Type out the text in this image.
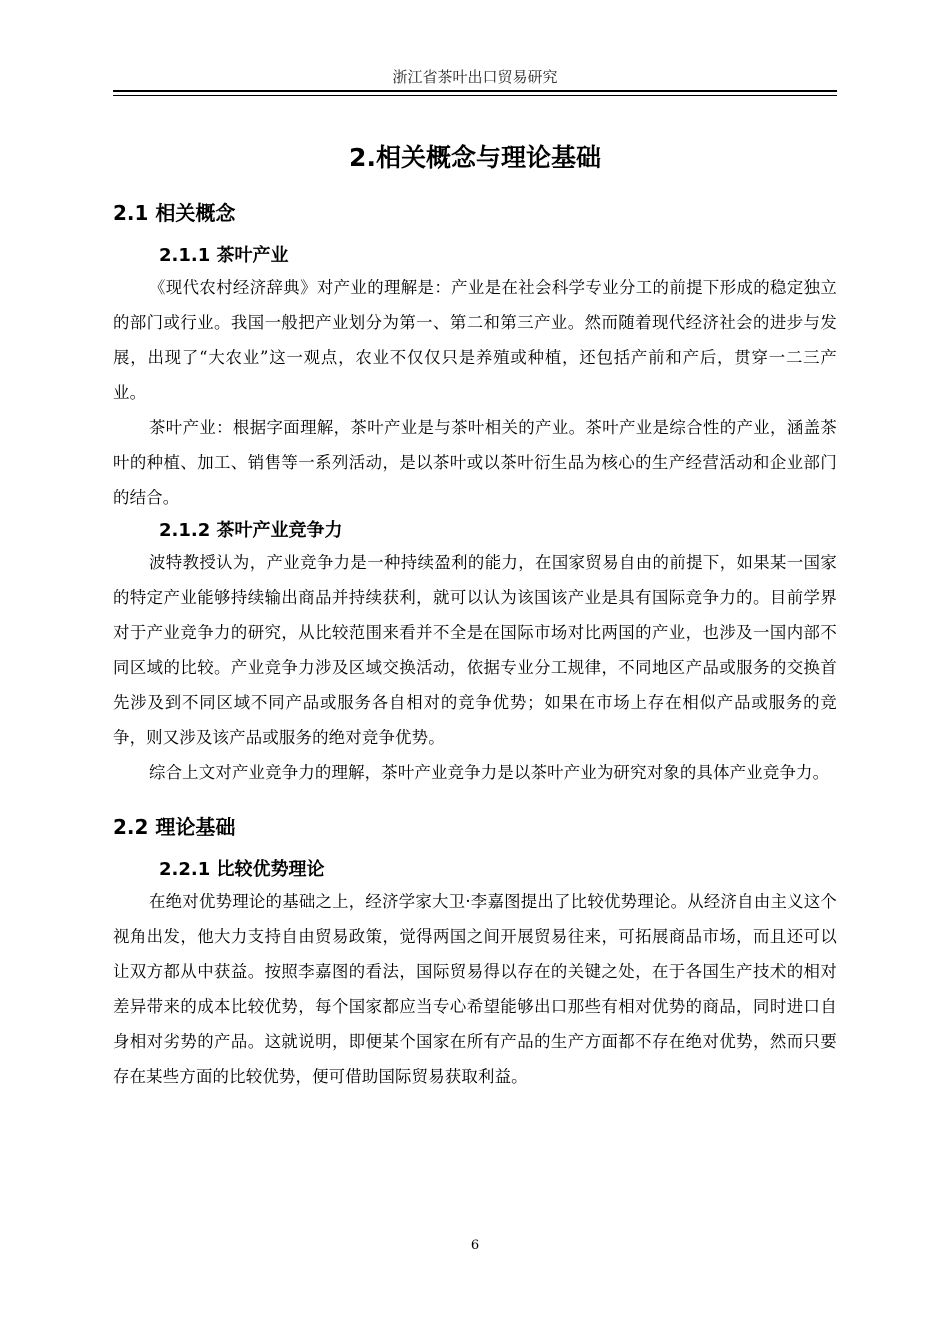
浙江省茶叶出口贸易研究
2.相关概念与理论基础
2.1 相关概念
2.1.1 茶叶产业

《现代农村经济辞典》对产业的理解是：产业是在社会科学专业分工的前提下形成的稳定独立的部门或行业。我国一般把产业划分为第一、第二和第三产业。然而随着现代经济社会的进步与发展，出现了“大农业”这一观点，农业不仅仅只是养殖或种植，还包括产前和产后，贯穿一二三产业。

茶叶产业：根据字面理解，茶叶产业是与茶叶相关的产业。茶叶产业是综合性的产业，涵盖茶叶的种植、加工、销售等一系列活动，是以茶叶或以茶叶衍生品为核心的生产经营活动和企业部门的结合。

2.1.2 茶叶产业竞争力

波特教授认为，产业竞争力是一种持续盈利的能力，在国家贸易自由的前提下，如果某一国家的特定产业能够持续输出商品并持续获利，就可以认为该国该产业是具有国际竞争力的。目前学界对于产业竞争力的研究，从比较范围来看并不全是在国际市场对比两国的产业，也涉及一国内部不同区域的比较。产业竞争力涉及区域交换活动，依据专业分工规律，不同地区产品或服务的交换首先涉及到不同区域不同产品或服务各自相对的竞争优势；如果在市场上存在相似产品或服务的竞争，则又涉及该产品或服务的绝对竞争优势。

综合上文对产业竞争力的理解，茶叶产业竞争力是以茶叶产业为研究对象的具体产业竞争力。

2.2 理论基础
2.2.1 比较优势理论

在绝对优势理论的基础之上，经济学家大卫·李嘉图提出了比较优势理论。从经济自由主义这个视角出发，他大力支持自由贸易政策，觉得两国之间开展贸易往来，可拓展商品市场，而且还可以让双方都从中获益。按照李嘉图的看法，国际贸易得以存在的关键之处，在于各国生产技术的相对差异带来的成本比较优势，每个国家都应当专心希望能够出口那些有相对优势的商品，同时进口自身相对劣势的产品。这就说明，即便某个国家在所有产品的生产方面都不存在绝对优势，然而只要存在某些方面的比较优势，便可借助国际贸易获取利益。

6
